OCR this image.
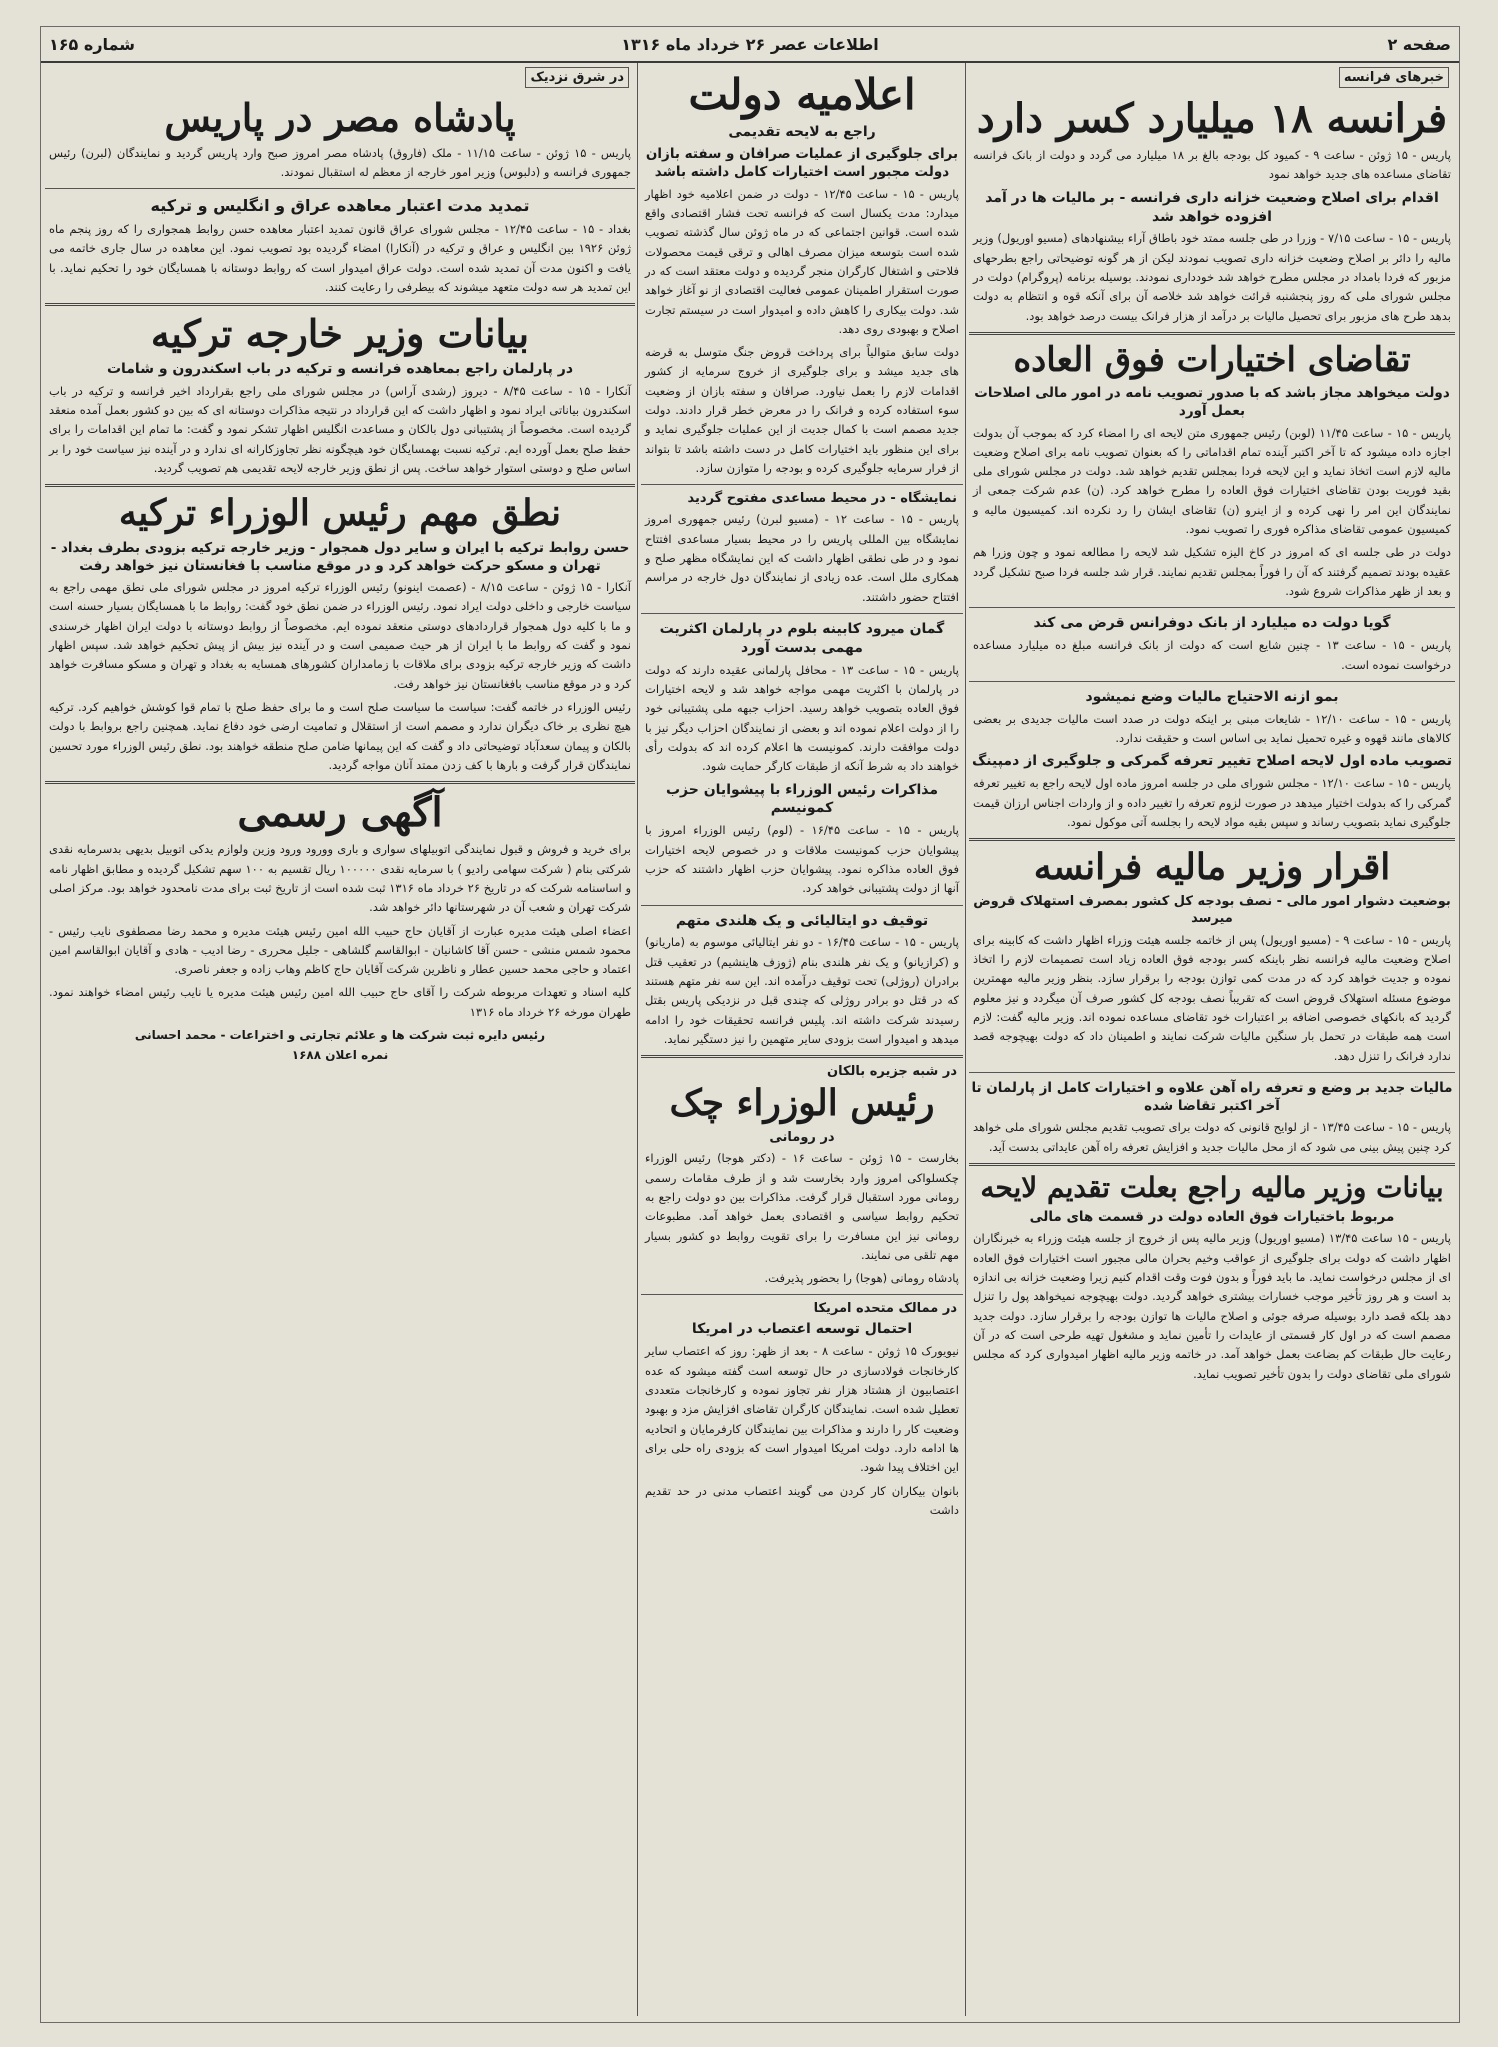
صفحه ۲
اطلاعات عصر ۲۶ خرداد ماه ۱۳۱۶
شماره ۱۶۵
خبرهای فرانسه
فرانسه ۱۸ میلیارد کسر دارد
پاریس - ۱۵ ژوئن - ساعت ۹ - کمیود کل بودجه بالغ بر ۱۸ میلیارد می گردد و دولت از بانک فرانسه تقاضای مساعده های جدید خواهد نمود
اقدام برای اصلاح وضعیت خزانه داری فرانسه - بر مالیات ها در آمد افزوده خواهد شد
پاریس - ۱۵ - ساعت ۷/۱۵ - وزرا در طی جلسه ممتد خود باطاق آراء بیشنهادهای (مسیو اوریول) وزیر مالیه را دائر بر اصلاح وضعیت خزانه داری تصویب نمودند لیکن از هر گونه توضیحاتی راجع بطرحهای مزبور که فردا بامداد در مجلس مطرح خواهد شد خودداری نمودند. بوسیله برنامه (پروگرام) دولت در مجلس شورای ملی که روز پنجشنبه قرائت خواهد شد خلاصه آن برای آنکه قوه و انتظام به دولت بدهد طرح های مزبور برای تحصیل ماليات بر درآمد از هزار فرانک بیست درصد خواهد بود.
تقاضای اختیارات فوق العاده
دولت میخواهد مجاز باشد که با صدور تصویب نامه در امور مالی اصلاحات بعمل آورد
پاریس - ۱۵ - ساعت ۱۱/۴۵ (لوبن) رئیس جمهوری متن لایحه ای را امضاء کرد که بموجب آن بدولت اجازه داده میشود که تا آخر اکتبر آینده تمام اقداماتی را که بعنوان تصویب نامه برای اصلاح وضعیت مالیه لازم است اتخاذ نماید و این لایحه فردا بمجلس تقدیم خواهد شد. دولت در مجلس شورای ملی بقید فوریت بودن تقاضای اختیارات فوق العاده را مطرح خواهد کرد. (ن) عدم شرکت جمعی از نمایندگان این امر را نهی کرده و از اینرو (ن) تقاضای ایشان را رد نکرده اند. کمیسیون مالیه و کمیسیون عمومی تقاضای مذاکره فوری را تصویب نمود.
دولت در طی جلسه ای که امروز در کاخ الیزه تشکیل شد لایحه را مطالعه نمود و چون وزرا هم عقیده بودند تصمیم گرفتند که آن را فوراً بمجلس تقدیم نمایند. قرار شد جلسه فردا صبح تشکیل گردد و بعد از ظهر مذاکرات شروع شود.
گویا دولت ده میلیارد از بانک دوفرانس قرض می کند
پاریس - ۱۵ - ساعت ۱۳ - چنین شایع است که دولت از بانک فرانسه مبلغ ده میلیارد مساعده درخواست نموده است.
بمو ازنه الاحتیاج مالیات وضع نمیشود
پاریس - ۱۵ - ساعت ۱۲/۱۰ - شایعات مبنی بر اینکه دولت در صدد است مالیات جدیدی بر بعضی کالاهای مانند قهوه و غیره تحمیل نماید بی اساس است و حقیقت ندارد.
تصویب ماده اول لایحه اصلاح تغییر تعرفه گمرکی و جلوگیری از دمپینگ
پاریس - ۱۵ - ساعت ۱۲/۱۰ - مجلس شورای ملی در جلسه امروز ماده اول لایحه راجع به تغییر تعرفه گمرکی را که بدولت اختیار میدهد در صورت لزوم تعرفه را تغییر داده و از واردات اجناس ارزان قیمت جلوگیری نماید بتصویب رساند و سپس بقیه مواد لایحه را بجلسه آتی موکول نمود.
اقرار وزیر مالیه فرانسه
بوضعیت دشوار امور مالی - نصف بودجه کل کشور بمصرف استهلاک قروض میرسد
پاریس - ۱۵ - ساعت ۹ - (مسیو اوریول) پس از خاتمه جلسه هیئت وزراء اظهار داشت که کابینه برای اصلاح وضعیت مالیه فرانسه نظر باینکه کسر بودجه فوق العاده زیاد است تصمیمات لازم را اتخاذ نموده و جدیت خواهد کرد که در مدت کمی توازن بودجه را برقرار سازد. بنظر وزیر مالیه مهمترین موضوع مسئله استهلاک قروض است که تقریباً نصف بودجه کل کشور صرف آن میگردد و نیز معلوم گردید که بانکهای خصوصی اضافه بر اعتبارات خود تقاضای مساعده نموده اند. وزیر مالیه گفت: لازم است همه طبقات در تحمل بار سنگین مالیات شرکت نمایند و اطمینان داد که دولت بهیچوجه قصد ندارد فرانک را تنزل دهد.
مالیات جدید بر وضع و تعرفه راه آهن علاوه و اختیارات کامل از پارلمان تا آخر اکتبر تقاضا شده
پاریس - ۱۵ - ساعت ۱۳/۴۵ - از لوایح قانونی که دولت برای تصویب تقدیم مجلس شورای ملی خواهد کرد چنین پیش بینی می شود که از محل مالیات جدید و افزایش تعرفه راه آهن عایداتی بدست آید.
بیانات وزیر مالیه راجع بعلت تقدیم لایحه
مربوط باختیارات فوق العاده دولت در قسمت های مالی
پاریس - ۱۵ ساعت ۱۳/۴۵ (مسیو اوریول) وزیر مالیه پس از خروج از جلسه هیئت وزراء به خبرنگاران اظهار داشت که دولت برای جلوگیری از عواقب وخیم بحران مالی مجبور است اختیارات فوق العاده ای از مجلس درخواست نماید. ما باید فوراً و بدون فوت وقت اقدام کنیم زیرا وضعیت خزانه بی اندازه بد است و هر روز تأخیر موجب خسارات بیشتری خواهد گردید. دولت بهیچوجه نمیخواهد پول را تنزل دهد بلکه قصد دارد بوسیله صرفه جوئی و اصلاح مالیات ها توازن بودجه را برقرار سازد. دولت جدید مصمم است که در اول کار قسمتی از عایدات را تأمین نماید و مشغول تهیه طرحی است که در آن رعایت حال طبقات کم بضاعت بعمل خواهد آمد. در خاتمه وزیر مالیه اظهار امیدواری کرد که مجلس شورای ملی تقاضای دولت را بدون تأخیر تصویب نماید.
اعلامیه دولت
راجع به لایحه تقدیمی
برای جلوگیری از عملیات صرافان و سفته بازان دولت مجبور است اختیارات کامل داشته باشد
پاریس - ۱۵ - ساعت ۱۲/۴۵ - دولت در ضمن اعلامیه خود اظهار میدارد: مدت یکسال است که فرانسه تحت فشار اقتصادی واقع شده است. قوانین اجتماعی که در ماه ژوئن سال گذشته تصویب شده است بتوسعه میزان مصرف اهالی و ترقی قیمت محصولات فلاحتی و اشتغال کارگران منجر گردیده و دولت معتقد است که در صورت استقرار اطمینان عمومی فعالیت اقتصادی از نو آغاز خواهد شد. دولت بیکاری را کاهش داده و امیدوار است در سیستم تجارت اصلاح و بهبودی روی دهد.
دولت سابق متوالیاً برای پرداخت قروض جنگ متوسل به قرضه های جدید میشد و برای جلوگیری از خروج سرمایه از کشور اقدامات لازم را بعمل نیاورد. صرافان و سفته بازان از وضعیت سوء استفاده کرده و فرانک را در معرض خطر قرار دادند. دولت جدید مصمم است با کمال جدیت از این عملیات جلوگیری نماید و برای این منظور باید اختیارات کامل در دست داشته باشد تا بتواند از فرار سرمایه جلوگیری کرده و بودجه را متوازن سازد.
نمایشگاه - در محیط مساعدی مفتوح گردید
پاریس - ۱۵ - ساعت ۱۲ - (مسیو لبرن) رئیس جمهوری امروز نمایشگاه بین المللی پاریس را در محیط بسیار مساعدی افتتاح نمود و در طی نطقی اظهار داشت که این نمایشگاه مظهر صلح و همکاری ملل است. عده زیادی از نمایندگان دول خارجه در مراسم افتتاح حضور داشتند.
گمان میرود کابینه بلوم در پارلمان اکثریت مهمی بدست آورد
پاریس - ۱۵ - ساعت ۱۳ - محافل پارلمانی عقیده دارند که دولت در پارلمان با اکثریت مهمی مواجه خواهد شد و لایحه اختیارات فوق العاده بتصویب خواهد رسید. احزاب جبهه ملی پشتیبانی خود را از دولت اعلام نموده اند و بعضی از نمایندگان احزاب دیگر نیز با دولت موافقت دارند. کمونیست ها اعلام کرده اند که بدولت رأی خواهند داد به شرط آنکه از طبقات کارگر حمایت شود.
مذاکرات رئیس الوزراء با پیشوایان حزب کمونیسم
پاریس - ۱۵ - ساعت ۱۶/۴۵ - (لوم) رئیس الوزراء امروز با پیشوایان حزب کمونیست ملاقات و در خصوص لایحه اختیارات فوق العاده مذاکره نمود. پیشوایان حزب اظهار داشتند که حزب آنها از دولت پشتیبانی خواهد کرد.
توقیف دو ایتالیائی و یک هلندی متهم
پاریس - ۱۵ - ساعت ۱۶/۴۵ - دو نفر ایتالیائی موسوم به (ماریانو) و (کرازیانو) و یک نفر هلندی بنام (ژوزف هاینشیم) در تعقیب قتل برادران (روژلی) تحت توقیف درآمده اند. این سه نفر متهم هستند که در قتل دو برادر روژلی که چندی قبل در نزدیکی پاریس بقتل رسیدند شرکت داشته اند. پلیس فرانسه تحقیقات خود را ادامه میدهد و امیدوار است بزودی سایر متهمین را نیز دستگیر نماید.
در شبه جزیره بالکان
رئیس الوزراء چک
در رومانی
بخارست - ۱۵ ژوئن - ساعت ۱۶ - (دکتر هوجا) رئیس الوزراء چکسلواکی امروز وارد بخارست شد و از طرف مقامات رسمی رومانی مورد استقبال قرار گرفت. مذاکرات بین دو دولت راجع به تحکیم روابط سیاسی و اقتصادی بعمل خواهد آمد. مطبوعات رومانی نیز این مسافرت را برای تقویت روابط دو کشور بسیار مهم تلقی می نمایند.
پادشاه رومانی (هوجا) را بحضور پذیرفت.
در ممالک متحده امریکا
احتمال توسعه اعتصاب در امریکا
نیویورک ۱۵ ژوئن - ساعت ۸ - بعد از ظهر: روز که اعتصاب سایر کارخانجات فولادسازی در حال توسعه است گفته میشود که عده اعتصابیون از هشتاد هزار نفر تجاوز نموده و کارخانجات متعددی تعطیل شده است. نمایندگان کارگران تقاضای افزایش مزد و بهبود وضعیت کار را دارند و مذاکرات بین نمایندگان کارفرمایان و اتحادیه ها ادامه دارد. دولت امریکا امیدوار است که بزودی راه حلی برای این اختلاف پیدا شود.
بانوان بیکاران کار کردن می گویند اعتصاب مدنی در حد تقدیم داشت
در شرق نزدیک
پادشاه مصر در پاریس
پاریس - ۱۵ ژوئن - ساعت ۱۱/۱۵ - ملک (فاروق) پادشاه مصر امروز صبح وارد پاریس گردید و نمایندگان (لبرن) رئیس جمهوری فرانسه و (دلبوس) وزیر امور خارجه از معظم له استقبال نمودند.
تمدید مدت اعتبار معاهده عراق و انگلیس و ترکیه
بغداد - ۱۵ - ساعت ۱۲/۴۵ - مجلس شورای عراق قانون تمدید اعتبار معاهده حسن روابط همجواری را که روز پنجم ماه ژوئن ۱۹۲۶ بین انگلیس و عراق و ترکیه در (آنکارا) امضاء گردیده بود تصویب نمود. این معاهده در سال جاری خاتمه می یافت و اکنون مدت آن تمدید شده است. دولت عراق امیدوار است که روابط دوستانه با همسایگان خود را تحکیم نماید. با این تمدید هر سه دولت متعهد میشوند که بیطرفی را رعایت کنند.
بیانات وزیر خارجه ترکیه
در پارلمان راجع بمعاهده فرانسه و ترکیه در باب اسکندرون و شامات
آنکارا - ۱۵ - ساعت ۸/۴۵ - دیروز (رشدی آراس) در مجلس شورای ملی راجع بقرارداد اخیر فرانسه و ترکیه در باب اسکندرون بیاناتی ایراد نمود و اظهار داشت که این قرارداد در نتیجه مذاکرات دوستانه ای که بین دو کشور بعمل آمده منعقد گردیده است. مخصوصاً از پشتیبانی دول بالکان و مساعدت انگلیس اظهار تشکر نمود و گفت: ما تمام این اقدامات را برای حفظ صلح بعمل آورده ایم. ترکیه نسبت بهمسایگان خود هیچگونه نظر تجاوزکارانه ای ندارد و در آینده نیز سیاست خود را بر اساس صلح و دوستی استوار خواهد ساخت. پس از نطق وزیر خارجه لایحه تقدیمی هم تصویب گردید.
نطق مهم رئیس الوزراء ترکیه
حسن روابط ترکیه با ایران و سایر دول همجوار - وزیر خارجه ترکیه بزودی بطرف بغداد - تهران و مسکو حرکت خواهد کرد و در موقع مناسب با فغانستان نیز خواهد رفت
آنکارا - ۱۵ ژوئن - ساعت ۸/۱۵ - (عصمت اینونو) رئیس الوزراء ترکیه امروز در مجلس شورای ملی نطق مهمی راجع به سیاست خارجی و داخلی دولت ایراد نمود. رئیس الوزراء در ضمن نطق خود گفت: روابط ما با همسایگان بسیار حسنه است و ما با کلیه دول همجوار قراردادهای دوستی منعقد نموده ایم. مخصوصاً از روابط دوستانه با دولت ایران اظهار خرسندی نمود و گفت که روابط ما با ایران از هر حیث صمیمی است و در آینده نیز بیش از پیش تحکیم خواهد شد. سپس اظهار داشت که وزیر خارجه ترکیه بزودی برای ملاقات با زمامداران کشورهای همسایه به بغداد و تهران و مسکو مسافرت خواهد کرد و در موقع مناسب بافغانستان نیز خواهد رفت.
رئیس الوزراء در خاتمه گفت: سیاست ما سیاست صلح است و ما برای حفظ صلح با تمام قوا کوشش خواهیم کرد. ترکیه هیچ نظری بر خاک دیگران ندارد و مصمم است از استقلال و تمامیت ارضی خود دفاع نماید. همچنین راجع بروابط با دولت بالکان و پیمان سعدآباد توضیحاتی داد و گفت که این پیمانها ضامن صلح منطقه خواهند بود. نطق رئیس الوزراء مورد تحسین نمایندگان قرار گرفت و بارها با کف زدن ممتد آنان مواجه گردید.
آگهی رسمی
برای خرید و فروش و قبول نمایندگی اتوبیلهای سواری و باری وورود ورود وزین ولوازم یدکی اتوبیل بدیهی بدسرمایه نقدی شرکتی بنام ( شرکت سهامی رادیو ) با سرمایه نقدی ۱۰۰۰۰۰ ریال تقسیم به ۱۰۰ سهم تشکیل گردیده و مطابق اظهار نامه و اساسنامه شرکت که در تاریخ ۲۶ خرداد ماه ۱۳۱۶ ثبت شده است از تاریخ ثبت برای مدت نامحدود خواهد بود. مرکز اصلی شرکت تهران و شعب آن در شهرستانها دائر خواهد شد.
اعضاء اصلی هیئت مدیره عبارت از آقایان حاج حبیب الله امین رئیس هیئت مدیره و محمد رضا مصطفوی نایب رئیس - محمود شمس منشی - حسن آقا کاشانیان - ابوالقاسم گلشاهی - جلیل محرری - رضا ادیب - هادی و آقایان ابوالقاسم امین اعتماد و حاجی محمد حسین عطار و ناظرین شرکت آقایان حاج کاظم وهاب زاده و جعفر ناصری.
کلیه اسناد و تعهدات مربوطه شرکت را آقای حاج حبیب الله امین رئیس هیئت مدیره یا نایب رئیس امضاء خواهند نمود. طهران مورخه ۲۶ خرداد ماه ۱۳۱۶
رئیس دایره ثبت شرکت ها و علائم تجارتی و اختراعات - محمد احسانی
نمره اعلان ۱۶۸۸
